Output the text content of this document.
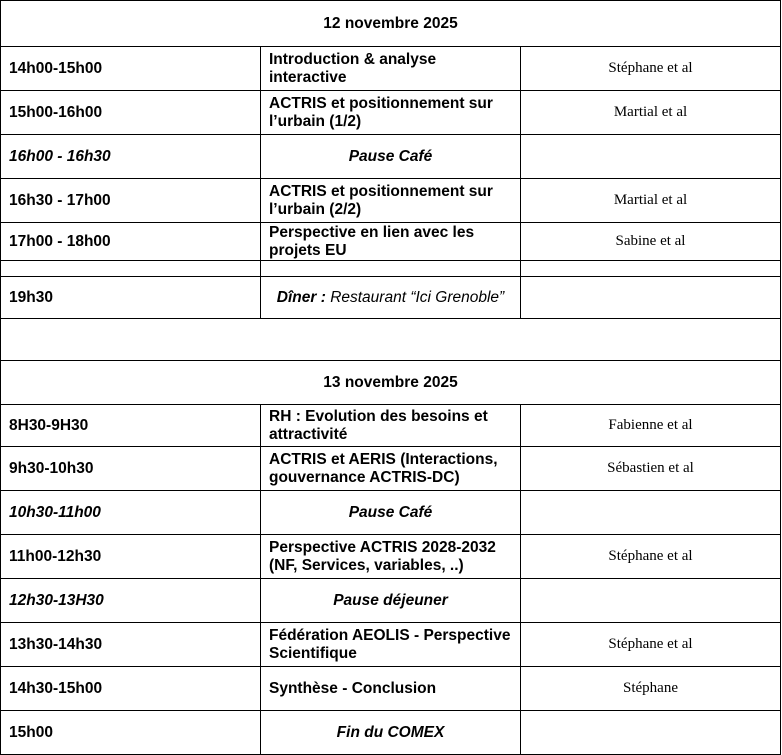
12 novembre 2025		
14h00-15h00	Introduction & analyse interactive	Stéphane et al
15h00-16h00	ACTRIS et positionnement sur l’urbain (1/2)	Martial et al
16h00 - 16h30	Pause Café	
16h30 - 17h00	ACTRIS et positionnement sur l’urbain (2/2)	Martial et al
17h00 - 18h00	Perspective en lien avec les projets EU	Sabine et al

19h30	Dîner : Restaurant “Ici Grenoble”	

13 novembre 2025		
8H30-9H30	RH : Evolution des besoins et attractivité	Fabienne et al
9h30-10h30	ACTRIS et AERIS (Interactions, gouvernance ACTRIS-DC)	Sébastien et al
10h30-11h00	Pause Café	
11h00-12h30	Perspective ACTRIS 2028-2032 (NF, Services, variables, ..)	Stéphane et al
12h30-13H30	Pause déjeuner	
13h30-14h30	Fédération AEOLIS - Perspective Scientifique	Stéphane et al
14h30-15h00	Synthèse - Conclusion	Stéphane
15h00	Fin du COMEX	
